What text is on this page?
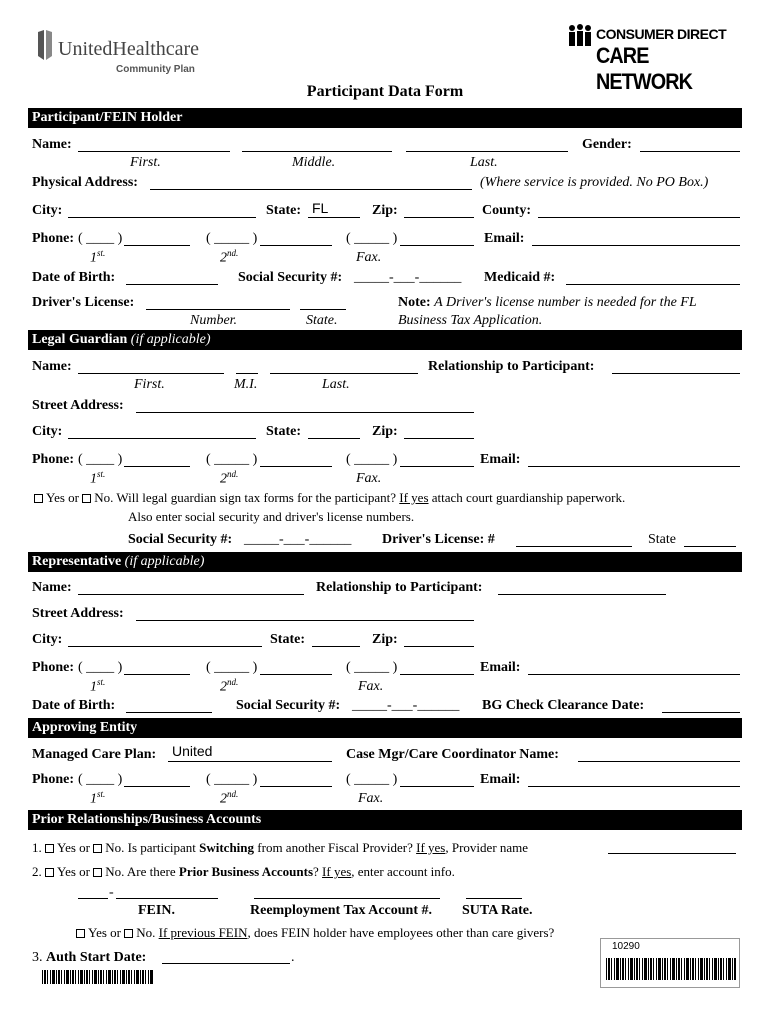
UnitedHealthcare
Community Plan
CONSUMER DIRECT
CARE NETWORK
Participant Data Form
Participant/FEIN Holder
Name:	Gender:
First.	Middle.	Last.
Physical Address:	(Where service is provided. No PO Box.)
City:	State: FL	Zip:	County:
Phone: ( ____ )	( _____ )	( _____ )	Email:
$1^{st.}$	$2^{nd.}$	Fax.
Date of Birth:	Social Security #: _____-___-______ Medicaid #:
Driver's License:
Number.	State.
Note: A Driver's license number is needed for the FL
Business Tax Application.
Legal Guardian (if applicable)
Name:	Relationship to Participant:
First.	M.I.	Last.
Street Address:
City:	State:	Zip:
Phone: ( ____ )	( _____ )	( _____ )	Email:
$1^{st.}$	$2^{nd.}$	Fax.
Yes or No. Will legal guardian sign tax forms for the participant? If yes attach court guardianship paperwork.
Also enter social security and driver's license numbers.
Social Security #: _____-___-______ Driver's License: #	State
Representative (if applicable)
Name:	Relationship to Participant:
Street Address:
City:	State:	Zip:
Phone: ( ____ )	( _____ )	( _____ )	Email:
$1^{st.}$	$2^{nd.}$	Fax.
Date of Birth:	Social Security #: _____-___-______ BG Check Clearance Date:
Approving Entity
Managed Care Plan: United	Case Mgr/Care Coordinator Name:
Phone: ( ____ )	( _____ )	( _____ )	Email:
$1^{st.}$	$2^{nd.}$	Fax.
Prior Relationships/Business Accounts
1. Yes or No. Is participant Switching from another Fiscal Provider? If yes, Provider name
2. Yes or No. Are there Prior Business Accounts? If yes, enter account info.
-
FEIN.	Reemployment Tax Account #. SUTA Rate.
Yes or No. If previous FEIN, does FEIN holder have employees other than care givers?
3. Auth Start Date:	.
10290
